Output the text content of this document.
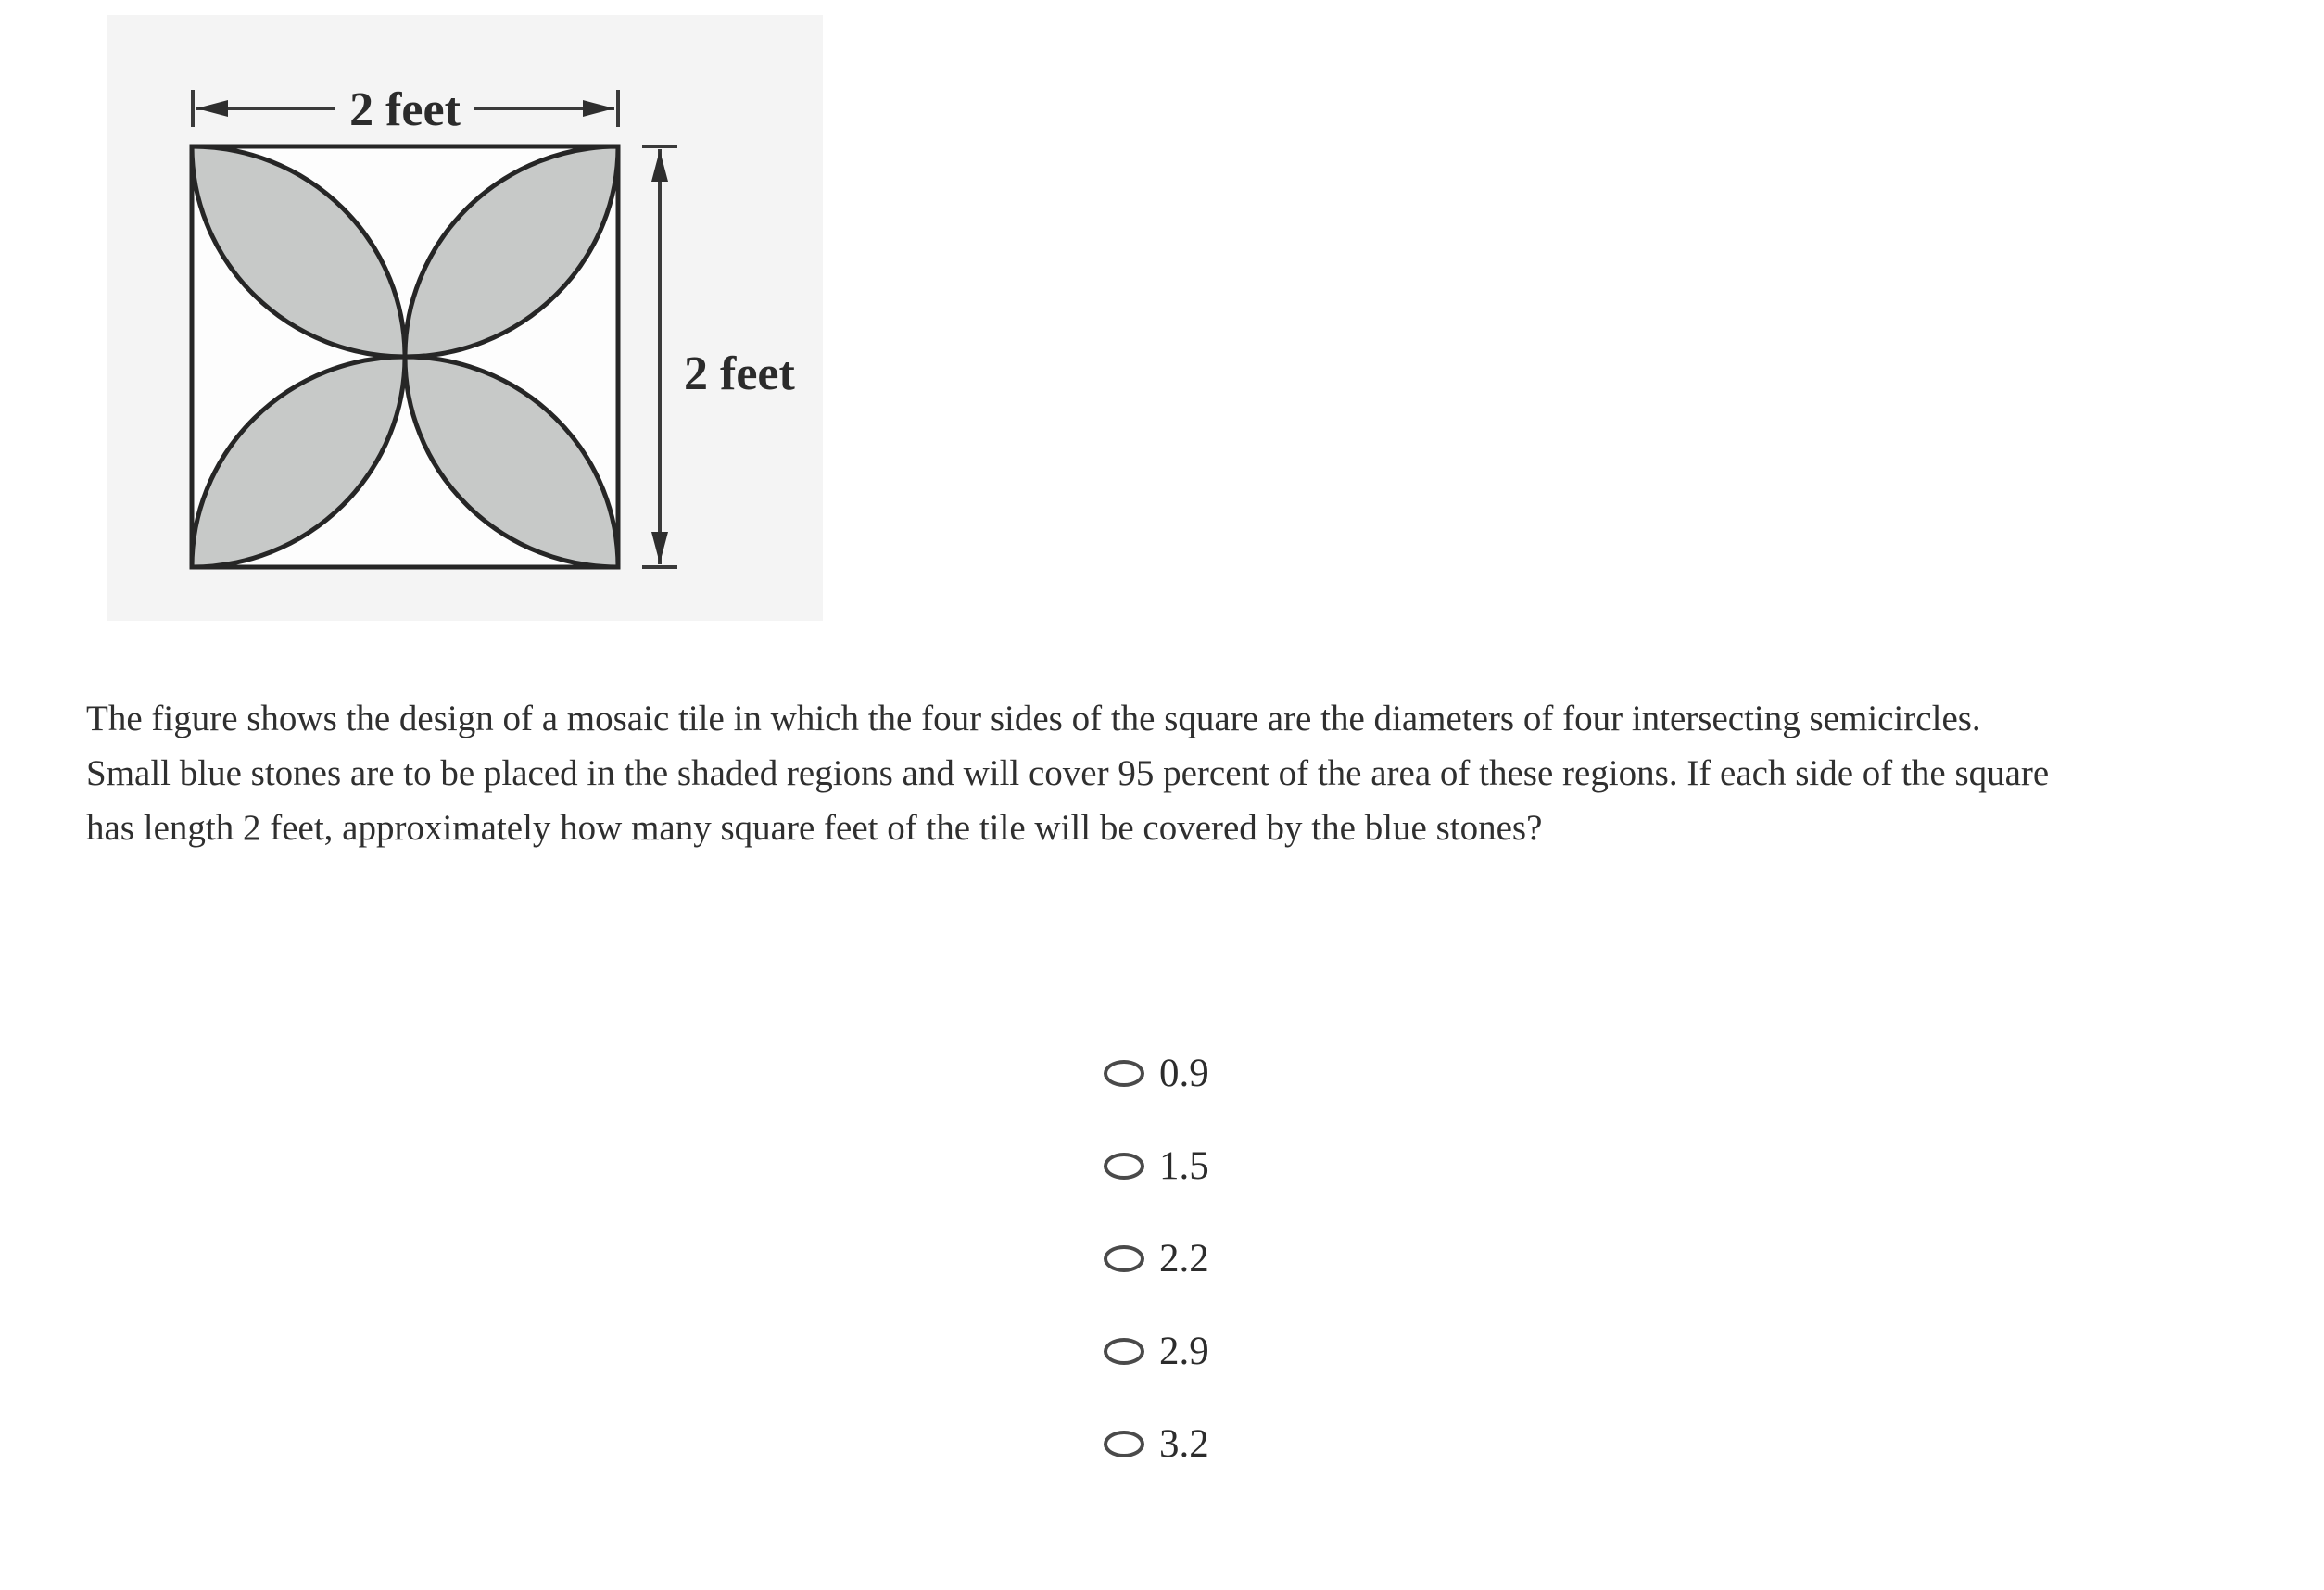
2 feet
2 feet
The figure shows the design of a mosaic tile in which the four sides of the square are the diameters of four intersecting semicircles.
Small blue stones are to be placed in the shaded regions and will cover 95 percent of the area of these regions. If each side of the square
has length 2 feet, approximately how many square feet of the tile will be covered by the blue stones?
0.9
1.5
2.2
2.9
3.2
